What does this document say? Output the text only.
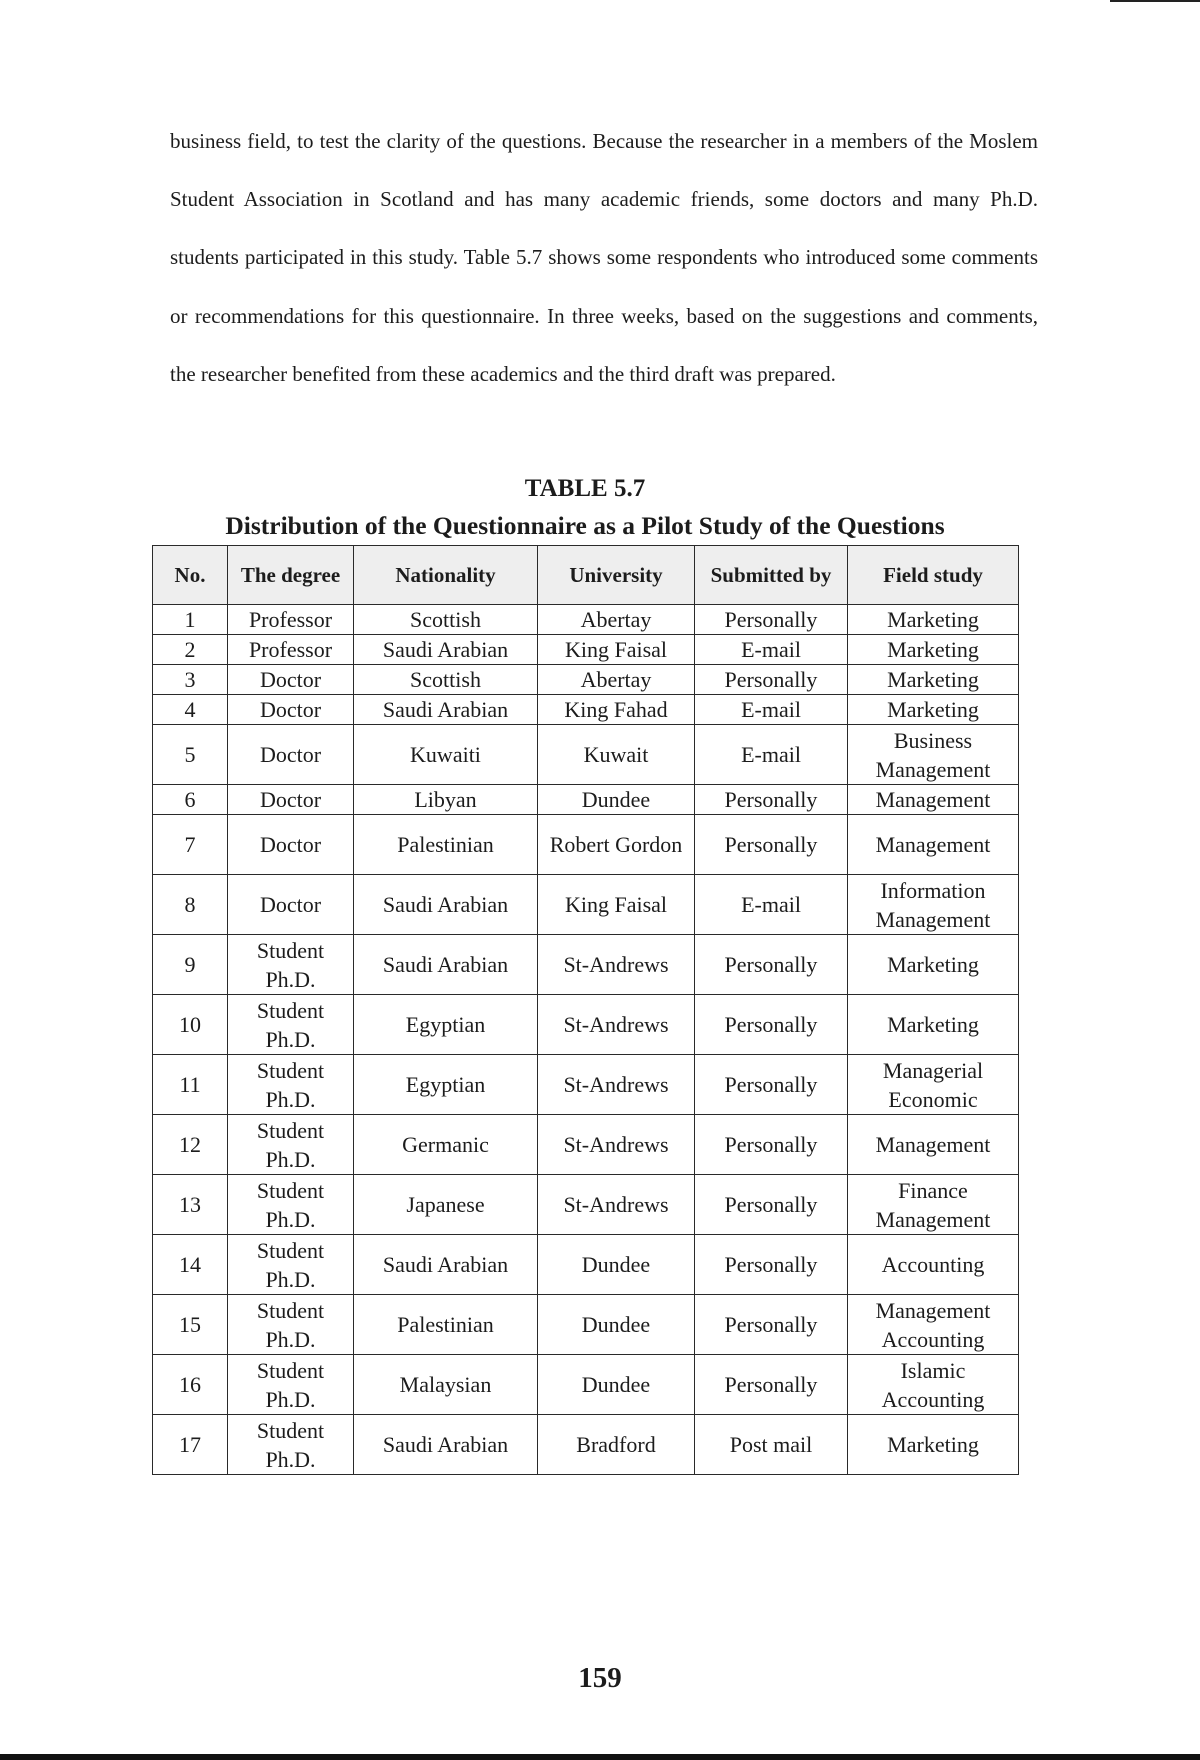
business field, to test the clarity of the questions. Because the researcher in a members of the Moslem Student Association in Scotland and has many academic friends, some doctors and many Ph.D. students participated in this study. Table 5.7 shows some respondents who introduced some comments or recommendations for this questionnaire. In three weeks, based on the suggestions and comments, the researcher benefited from these academics and the third draft was prepared.

TABLE 5.7

Distribution of the Questionnaire as a Pilot Study of the Questions

No.	The degree	Nationality	University	Submitted by	Field study
1	Professor	Scottish	Abertay	Personally	Marketing
2	Professor	Saudi Arabian	King Faisal	E-mail	Marketing
3	Doctor	Scottish	Abertay	Personally	Marketing
4	Doctor	Saudi Arabian	King Fahad	E-mail	Marketing
5	Doctor	Kuwaiti	Kuwait	E-mail	Business Management
6	Doctor	Libyan	Dundee	Personally	Management
7	Doctor	Palestinian	Robert Gordon	Personally	Management
8	Doctor	Saudi Arabian	King Faisal	E-mail	Information Management
9	Student Ph.D.	Saudi Arabian	St-Andrews	Personally	Marketing
10	Student Ph.D.	Egyptian	St-Andrews	Personally	Marketing
11	Student Ph.D.	Egyptian	St-Andrews	Personally	Managerial Economic
12	Student Ph.D.	Germanic	St-Andrews	Personally	Management
13	Student Ph.D.	Japanese	St-Andrews	Personally	Finance Management
14	Student Ph.D.	Saudi Arabian	Dundee	Personally	Accounting
15	Student Ph.D.	Palestinian	Dundee	Personally	Management Accounting
16	Student Ph.D.	Malaysian	Dundee	Personally	Islamic Accounting
17	Student Ph.D.	Saudi Arabian	Bradford	Post mail	Marketing

159
